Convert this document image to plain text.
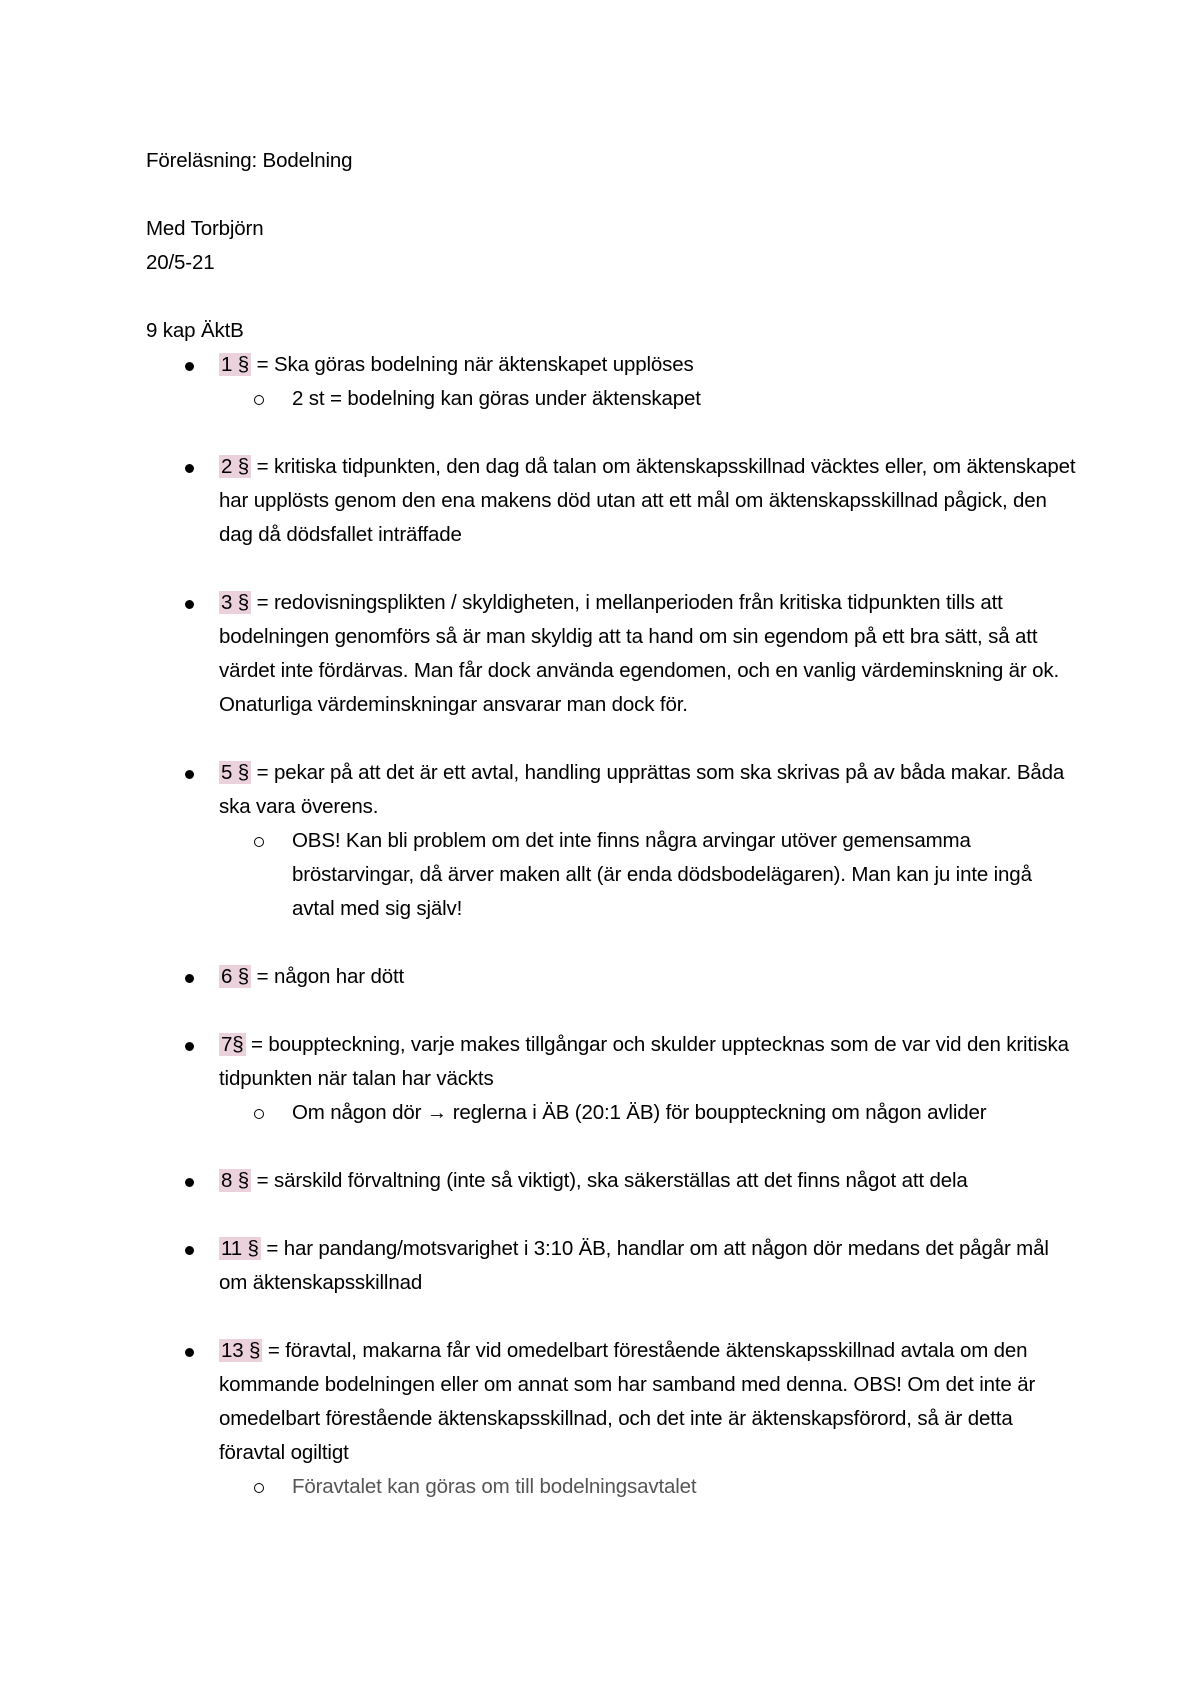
Föreläsning: Bodelning
Med Torbjörn
20/5-21
9 kap ÄktB
1 § = Ska göras bodelning när äktenskapet upplöses
2 st = bodelning kan göras under äktenskapet
2 § = kritiska tidpunkten, den dag då talan om äktenskapsskillnad väcktes eller, om äktenskapet har upplösts genom den ena makens död utan att ett mål om äktenskapsskillnad pågick, den dag då dödsfallet inträffade
3 § = redovisningsplikten / skyldigheten, i mellanperioden från kritiska tidpunkten tills att bodelningen genomförs så är man skyldig att ta hand om sin egendom på ett bra sätt, så att värdet inte fördärvas. Man får dock använda egendomen, och en vanlig värdeminskning är ok. Onaturliga värdeminskningar ansvarar man dock för.
5 § = pekar på att det är ett avtal, handling upprättas som ska skrivas på av båda makar. Båda ska vara överens.
OBS! Kan bli problem om det inte finns några arvingar utöver gemensamma bröstarvingar, då ärver maken allt (är enda dödsbodelägaren). Man kan ju inte ingå avtal med sig själv!
6 § = någon har dött
7§ = bouppteckning, varje makes tillgångar och skulder upptecknas som de var vid den kritiska tidpunkten när talan har väckts
Om någon dör → reglerna i ÄB (20:1 ÄB) för bouppteckning om någon avlider
8 § = särskild förvaltning (inte så viktigt), ska säkerställas att det finns något att dela
11 § = har pandang/motsvarighet i 3:10 ÄB, handlar om att någon dör medans det pågår mål om äktenskapsskillnad
13 § = föravtal, makarna får vid omedelbart förestående äktenskapsskillnad avtala om den kommande bodelningen eller om annat som har samband med denna. OBS! Om det inte är omedelbart förestående äktenskapsskillnad, och det inte är äktenskapsförord, så är detta föravtal ogiltigt
Föravtalet kan göras om till bodelningsavtalet
